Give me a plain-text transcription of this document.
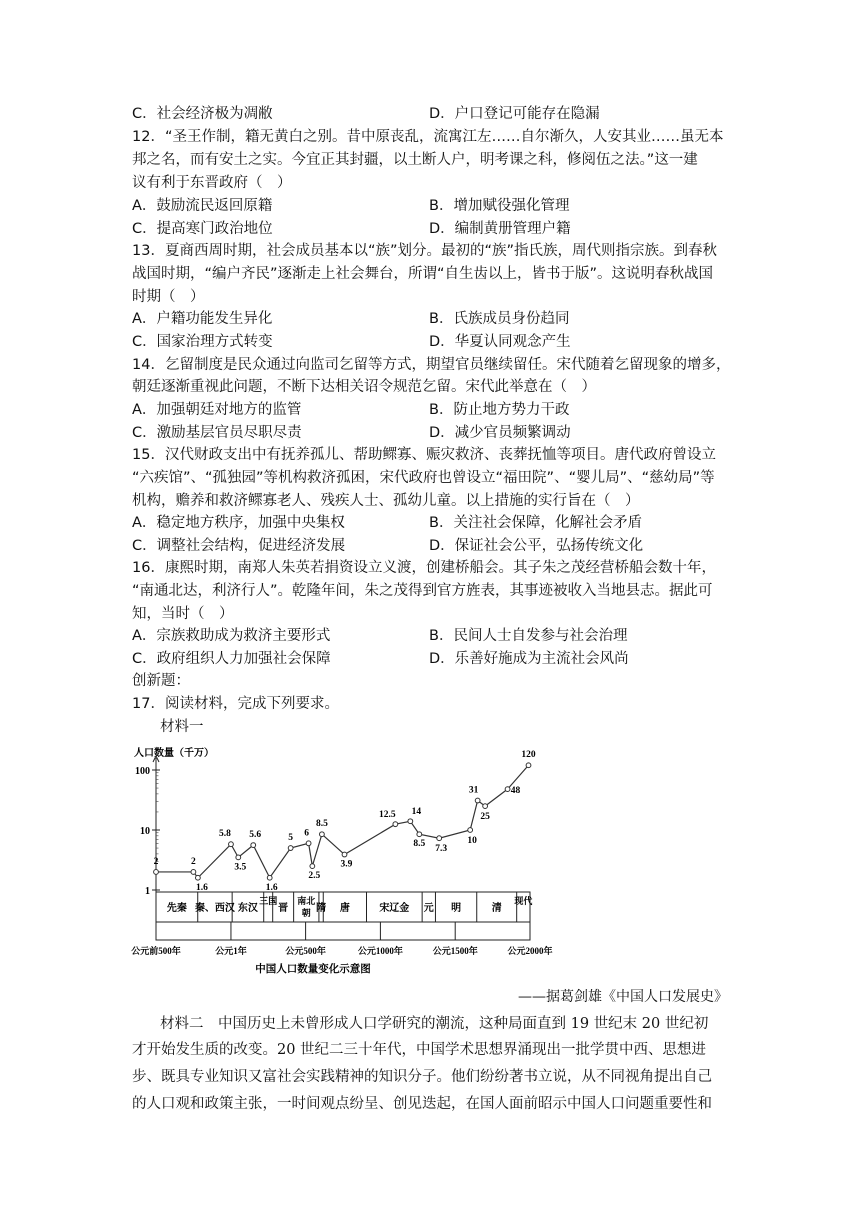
C．社会经济极为凋敝	D．户口登记可能存在隐漏
12．“圣王作制，籍无黄白之别。昔中原丧乱，流寓江左……自尔渐久，人安其业……虽无本
邦之名，而有安土之实。今宜正其封疆，以土断人户，明考课之科，修阅伍之法。”这一建
议有利于东晋政府（　）
A．鼓励流民返回原籍	B．增加赋役强化管理
C．提高寒门政治地位	D．编制黄册管理户籍
13．夏商西周时期，社会成员基本以“族”划分。最初的“族”指氏族，周代则指宗族。到春秋
战国时期，“编户齐民”逐渐走上社会舞台，所谓“自生齿以上，皆书于版”。这说明春秋战国
时期（　）
A．户籍功能发生异化	B．氏族成员身份趋同
C．国家治理方式转变	D．华夏认同观念产生
14．乞留制度是民众通过向监司乞留等方式，期望官员继续留任。宋代随着乞留现象的增多，
朝廷逐渐重视此问题，不断下达相关诏令规范乞留。宋代此举意在（　）
A．加强朝廷对地方的监管	B．防止地方势力干政
C．激励基层官员尽职尽责	D．减少官员频繁调动
15．汉代财政支出中有抚养孤儿、帮助鳏寡、赈灾救济、丧葬抚恤等项目。唐代政府曾设立
“六疾馆”、“孤独园”等机构救济孤困，宋代政府也曾设立“福田院”、“婴儿局”、“慈幼局”等
机构，赡养和救济鳏寡老人、残疾人士、孤幼儿童。以上措施的实行旨在（　）
A．稳定地方秩序，加强中央集权	B．关注社会保障，化解社会矛盾
C．调整社会结构，促进经济发展	D．保证社会公平，弘扬传统文化
16．康熙时期，南郑人朱英若捐资设立义渡，创建桥船会。其子朱之茂经营桥船会数十年，
“南通北达，利济行人”。乾隆年间，朱之茂得到官方旌表，其事迹被收入当地县志。据此可
知，当时（　）
A．宗族救助成为救济主要形式	B．民间人士自发参与社会治理
C．政府组织人力加强社会保障	D．乐善好施成为主流社会风尚
创新题：
17．阅读材料，完成下列要求。
材料一
人口数量（千万）
1
10
100
先秦 秦、西汉 东汉
三国
晋
南北
朝 隋 唐	宋辽金 元 明	清
现代
公元前500年	公元1年	公元500年	公元1000年	公元1500年	公元2000年
中国人口数量变化示意图
2	2
1.6
5.8
3.5
5.6
1.6
5 6
2.5
8.5
3.9
12.5 14
8.5 7.3
10
31
25
48
120
——据葛剑雄《中国人口发展史》
材料二　中国历史上未曾形成人口学研究的潮流，这种局面直到 19 世纪末 20 世纪初
才开始发生质的改变。20 世纪二三十年代，中国学术思想界涌现出一批学贯中西、思想进
步、既具专业知识又富社会实践精神的知识分子。他们纷纷著书立说，从不同视角提出自己
的人口观和政策主张，一时间观点纷呈、创见迭起，在国人面前昭示中国人口问题重要性和
